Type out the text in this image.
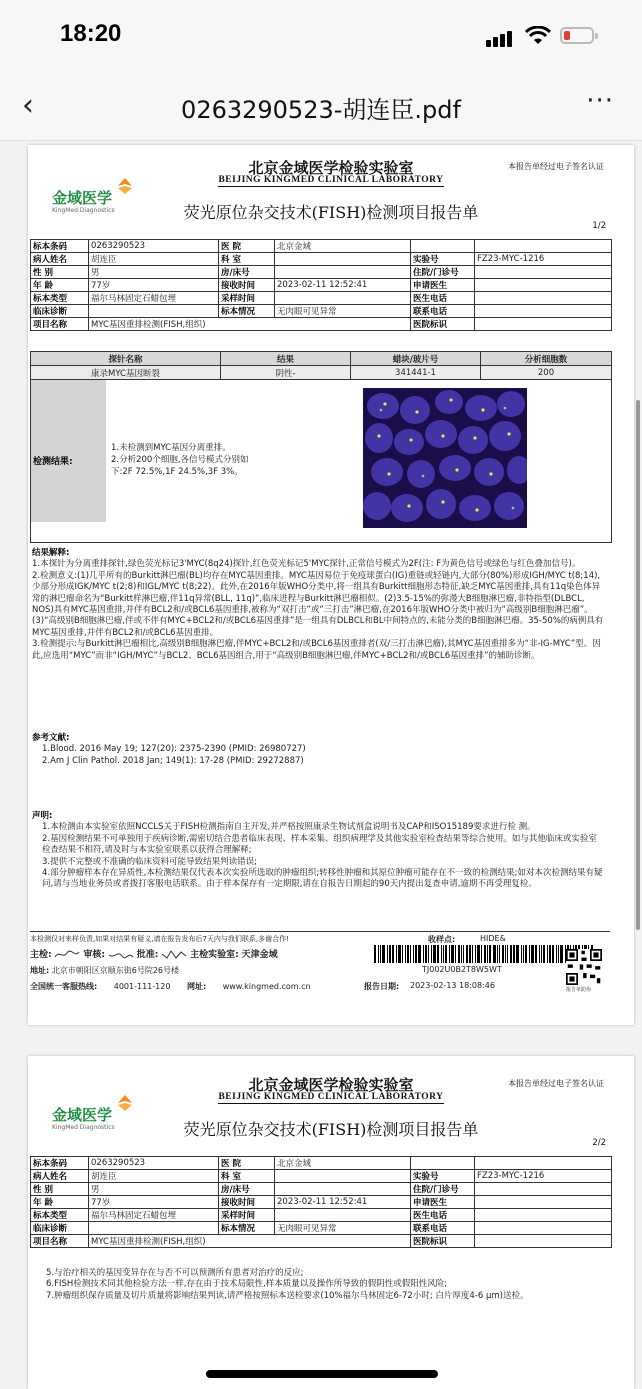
18:20
‹	0263290523-胡连臣.pdf	···
北京金域医学检验实验室
BEIJING KINGMED CLINICAL LABORATORY
本报告单经过电子签名认证
金域医学
KingMed Diagnostics	荧光原位杂交技术(FISH)检测项目报告单
1/2
标本条码	0263290523	医 院	北京金域		
病人姓名	胡连臣	科 室		实验号	FZ23-MYC-1216
性 别	男	房/床号		住院/门诊号	
年 龄	77岁	接收时间	2023-02-11 12:52:41	申请医生	
标本类型	福尔马林固定石蜡包埋	采样时间		医生电话	
临床诊断		标本情况	无肉眼可见异常	联系电话	
项目名称	MYC基因重排检测(FISH,组织)			医院标识	
探针名称	结果	蜡块/玻片号	分析细胞数
康录MYC基因断裂	阴性-	341441-1	200
检测结果:
1.未检测到MYC基因分离重排。
2.分析200个细胞,各信号模式分别如
下:2F 72.5%,1F 24.5%,3F 3%。

结果解释:

1.本探针为分离重排探针,绿色荧光标记3'MYC(8q24)探针,红色荧光标记5'MYC探针,正常信号模式为2F(注: F为黄色信号或绿色与红色叠加信号)。

2.检测意义:(1)几乎所有的Burkitt淋巴瘤(BL)均存在MYC基因重排。MYC基因易位于免疫球蛋白(IG)重链或轻链内,大部分(80%)形成IGH/MYC t(8;14),少部分形成IGK/MYC t(2;8)和IGL/MYC t(8;22)。此外,在2016年版WHO分类中,将一组具有Burkitt细胞形态特征,缺乏MYC基因重排,具有11q染色体异常的淋巴瘤命名为“Burkitt样淋巴瘤,伴11q异常(BLL, 11q)”,临床进程与Burkitt淋巴瘤相似。(2)3.5-15%的弥漫大B细胞淋巴瘤,非特指型(DLBCL, NOS)具有MYC基因重排,并伴有BCL2和/或BCL6基因重排,被称为“双打击”或“三打击”淋巴瘤,在2016年版WHO分类中被归为“高级别B细胞淋巴瘤”。(3)“高级别B细胞淋巴瘤,伴或不伴有MYC+BCL2和/或BCL6基因重排”是一组具有DLBCL和BL中间特点的,未能分类的B细胞淋巴瘤。35-50%的病例具有MYC基因重排,并伴有BCL2和/或BCL6基因重排。

3.检测提示:与Burkitt淋巴瘤相比,高级别B细胞淋巴瘤,伴MYC+BCL2和/或BCL6基因重排者(双/三打击淋巴瘤),其MYC基因重排多为“非-IG-MYC”型。因此,应选用“MYC”而非“IGH/MYC”与BCL2、BCL6基因组合,用于“高级别B细胞淋巴瘤,伴MYC+BCL2和/或BCL6基因重排”的辅助诊断。

参考文献:

1.Blood. 2016 May 19; 127(20): 2375-2390 (PMID: 26980727)

2.Am J Clin Pathol. 2018 Jan; 149(1): 17-28 (PMID: 29272887)

声明:

1.本检测由本实验室依照NCCLS关于FISH检测指南自主开发,并严格按照康录生物试剂盒说明书及CAP和ISO15189要求进行检 测。

2.基因检测结果不可单独用于疾病诊断,需密切结合患者临床表现、样本采集、组织病理学及其他实验室检查结果等综合使用。如与其他临床或实验室检查结果不相符,请及时与本实验室联系以获得合理解释;

3.提供不完整或不准确的临床资料可能导致结果判读错误;

4.部分肿瘤样本存在异质性,本检测结果仅代表本次实验所选取的肿瘤组织;转移性肿瘤和其原位肿瘤可能存在不一致的检测结果;如对本次检测结果有疑问,请与当地业务员或者拨打客服电话联系。由于样本保存有一定期限,请在自报告日期起的90天内提出复查申请,逾期不再受理复检。

本检测仅对来样负责,如果对结果有疑义,请在报告发布后7天内与我们联系,多谢合作!	收样点:	HIDE&
主检:	审核:	批准:	主检实验室: 天津金域
地址: 北京市朝阳区京顺东街6号院26号楼	TJ002U0B2T8W5WT
全国统一客服热线: 4001-111-120 网址: www.kingmed.com.cn	报告日期: 2023-02-13 18:08:46	报告单防伪
北京金域医学检验实验室
BEIJING KINGMED CLINICAL LABORATORY
本报告单经过电子签名认证
金域医学
KingMed Diagnostics	荧光原位杂交技术(FISH)检测项目报告单
2/2
标本条码	0263290523	医 院	北京金域		
病人姓名	胡连臣	科 室		实验号	FZ23-MYC-1216
性 别	男	房/床号		住院/门诊号	
年 龄	77岁	接收时间	2023-02-11 12:52:41	申请医生	
标本类型	福尔马林固定石蜡包埋	采样时间		医生电话	
临床诊断		标本情况	无肉眼可见异常	联系电话	
项目名称	MYC基因重排检测(FISH,组织)			医院标识	

5.与治疗相关的基因变异存在与否不可以预测所有患者对治疗的反应;

6.FISH检测技术同其他检验方法一样,存在由于技术局限性,样本质量以及操作所导致的假阴性或假阳性风险;

7.肿瘤组织保存质量及切片质量将影响结果判读,请严格按照标本送检要求(10%福尔马林固定6-72小时; 白片厚度4-6 μm)送检。
